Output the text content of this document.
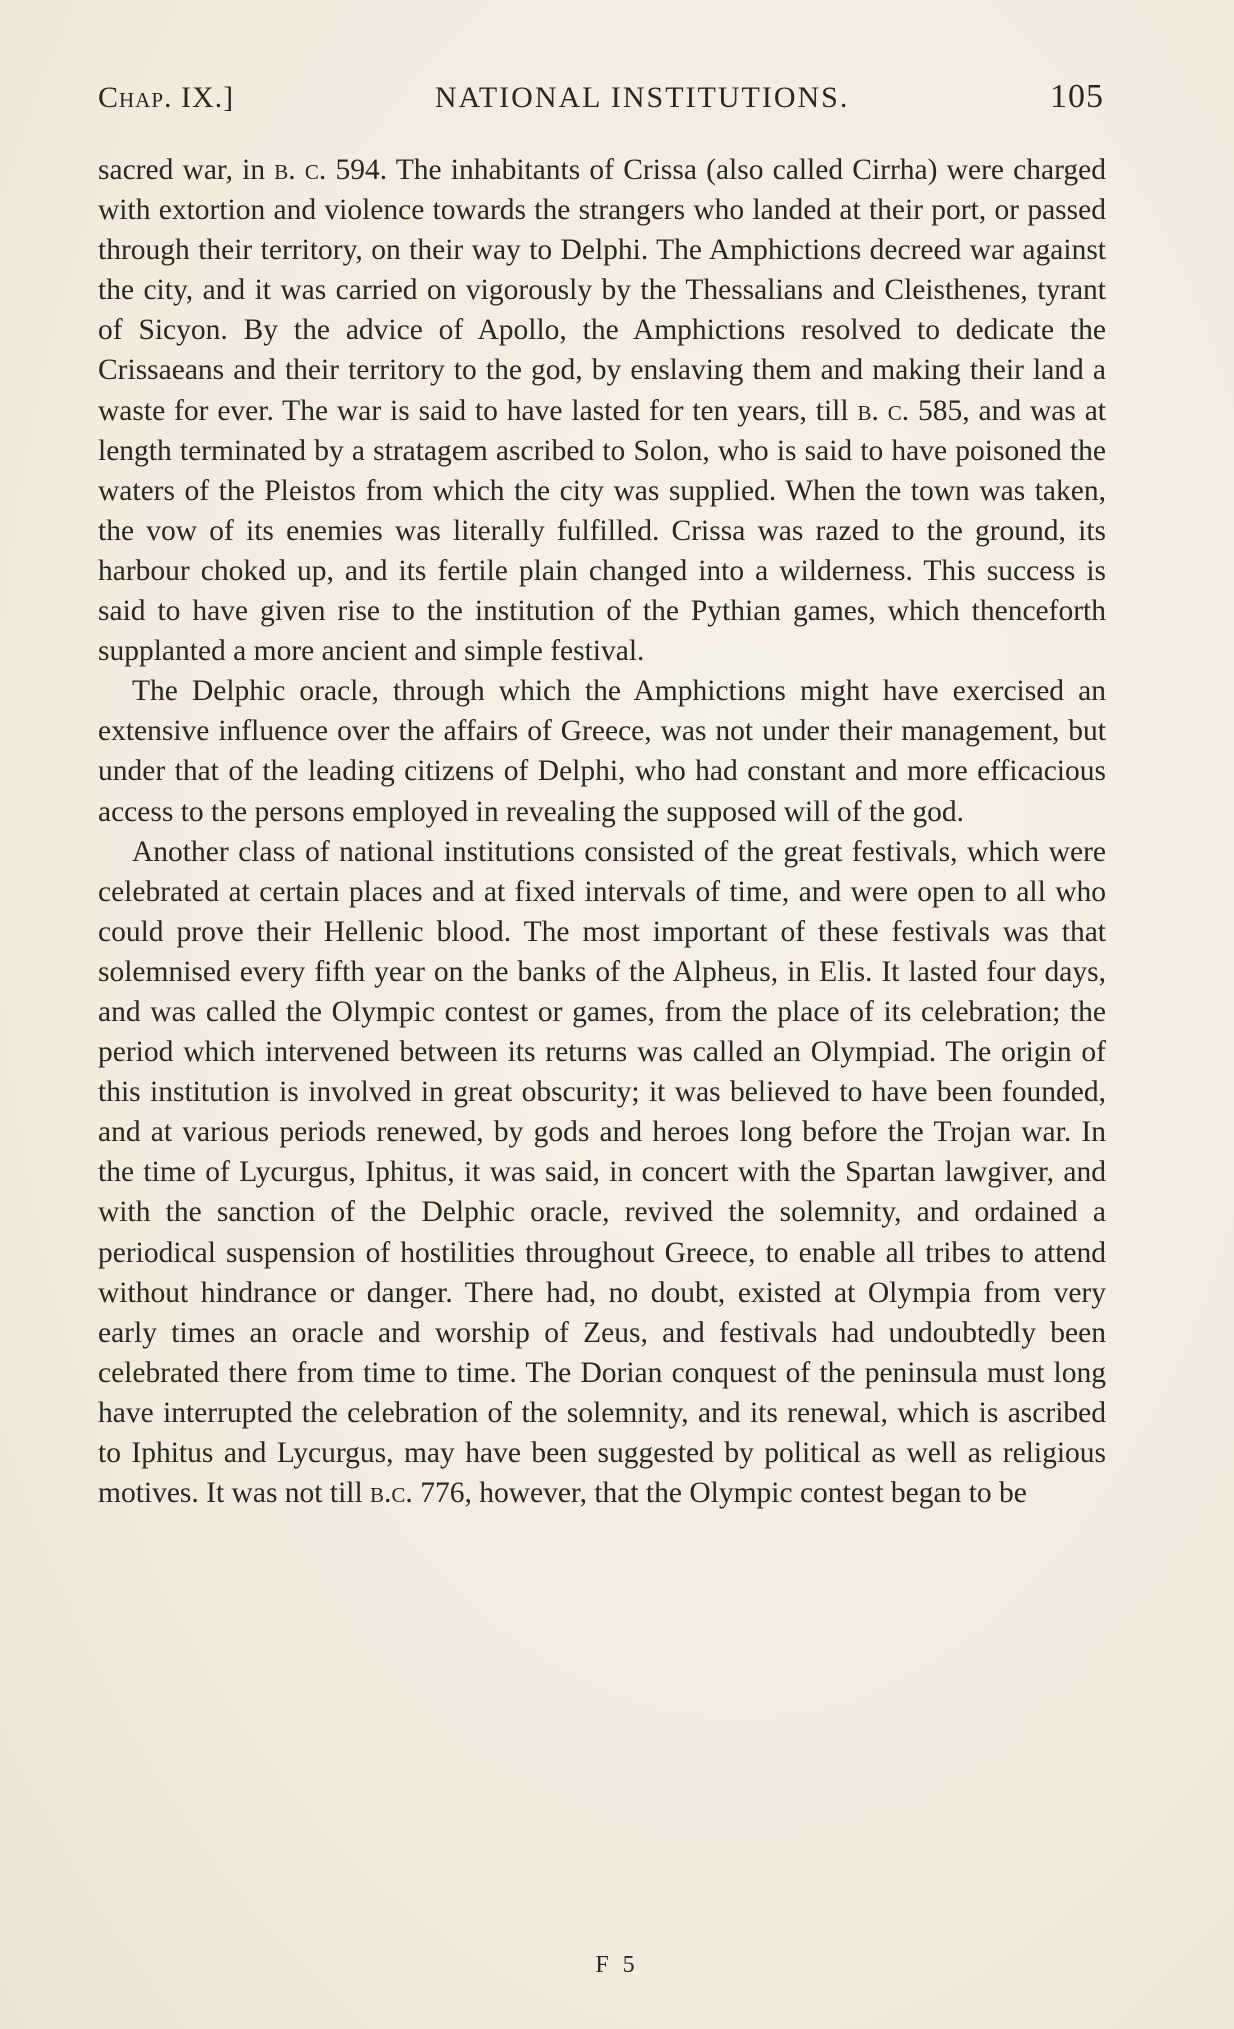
Chap. IX.]	NATIONAL INSTITUTIONS.	105

sacred war, in b. c. 594. The inhabitants of Crissa (also called Cirrha) were charged with extortion and violence towards the strangers who landed at their port, or passed through their territory, on their way to Delphi. The Amphictions decreed war against the city, and it was carried on vigorously by the Thessalians and Cleisthenes, tyrant of Sicyon. By the advice of Apollo, the Amphictions resolved to dedicate the Crissaeans and their territory to the god, by enslaving them and making their land a waste for ever. The war is said to have lasted for ten years, till b. c. 585, and was at length terminated by a stratagem ascribed to Solon, who is said to have poisoned the waters of the Pleistos from which the city was supplied. When the town was taken, the vow of its enemies was literally fulfilled. Crissa was razed to the ground, its harbour choked up, and its fertile plain changed into a wilderness. This success is said to have given rise to the institution of the Pythian games, which thenceforth supplanted a more ancient and simple festival.

The Delphic oracle, through which the Amphictions might have exercised an extensive influence over the affairs of Greece, was not under their management, but under that of the leading citizens of Delphi, who had constant and more efficacious access to the persons employed in revealing the supposed will of the god.

Another class of national institutions consisted of the great festivals, which were celebrated at certain places and at fixed intervals of time, and were open to all who could prove their Hellenic blood. The most important of these festivals was that solemnised every fifth year on the banks of the Alpheus, in Elis. It lasted four days, and was called the Olympic contest or games, from the place of its celebration; the period which intervened between its returns was called an Olympiad. The origin of this institution is involved in great obscurity; it was believed to have been founded, and at various periods renewed, by gods and heroes long before the Trojan war. In the time of Lycurgus, Iphitus, it was said, in concert with the Spartan lawgiver, and with the sanction of the Delphic oracle, revived the solemnity, and ordained a periodical suspension of hostilities throughout Greece, to enable all tribes to attend without hindrance or danger. There had, no doubt, existed at Olympia from very early times an oracle and worship of Zeus, and festivals had undoubtedly been celebrated there from time to time. The Dorian conquest of the peninsula must long have interrupted the celebration of the solemnity, and its renewal, which is ascribed to Iphitus and Lycurgus, may have been suggested by political as well as religious motives. It was not till b.c. 776, however, that the Olympic contest began to be

F 5
